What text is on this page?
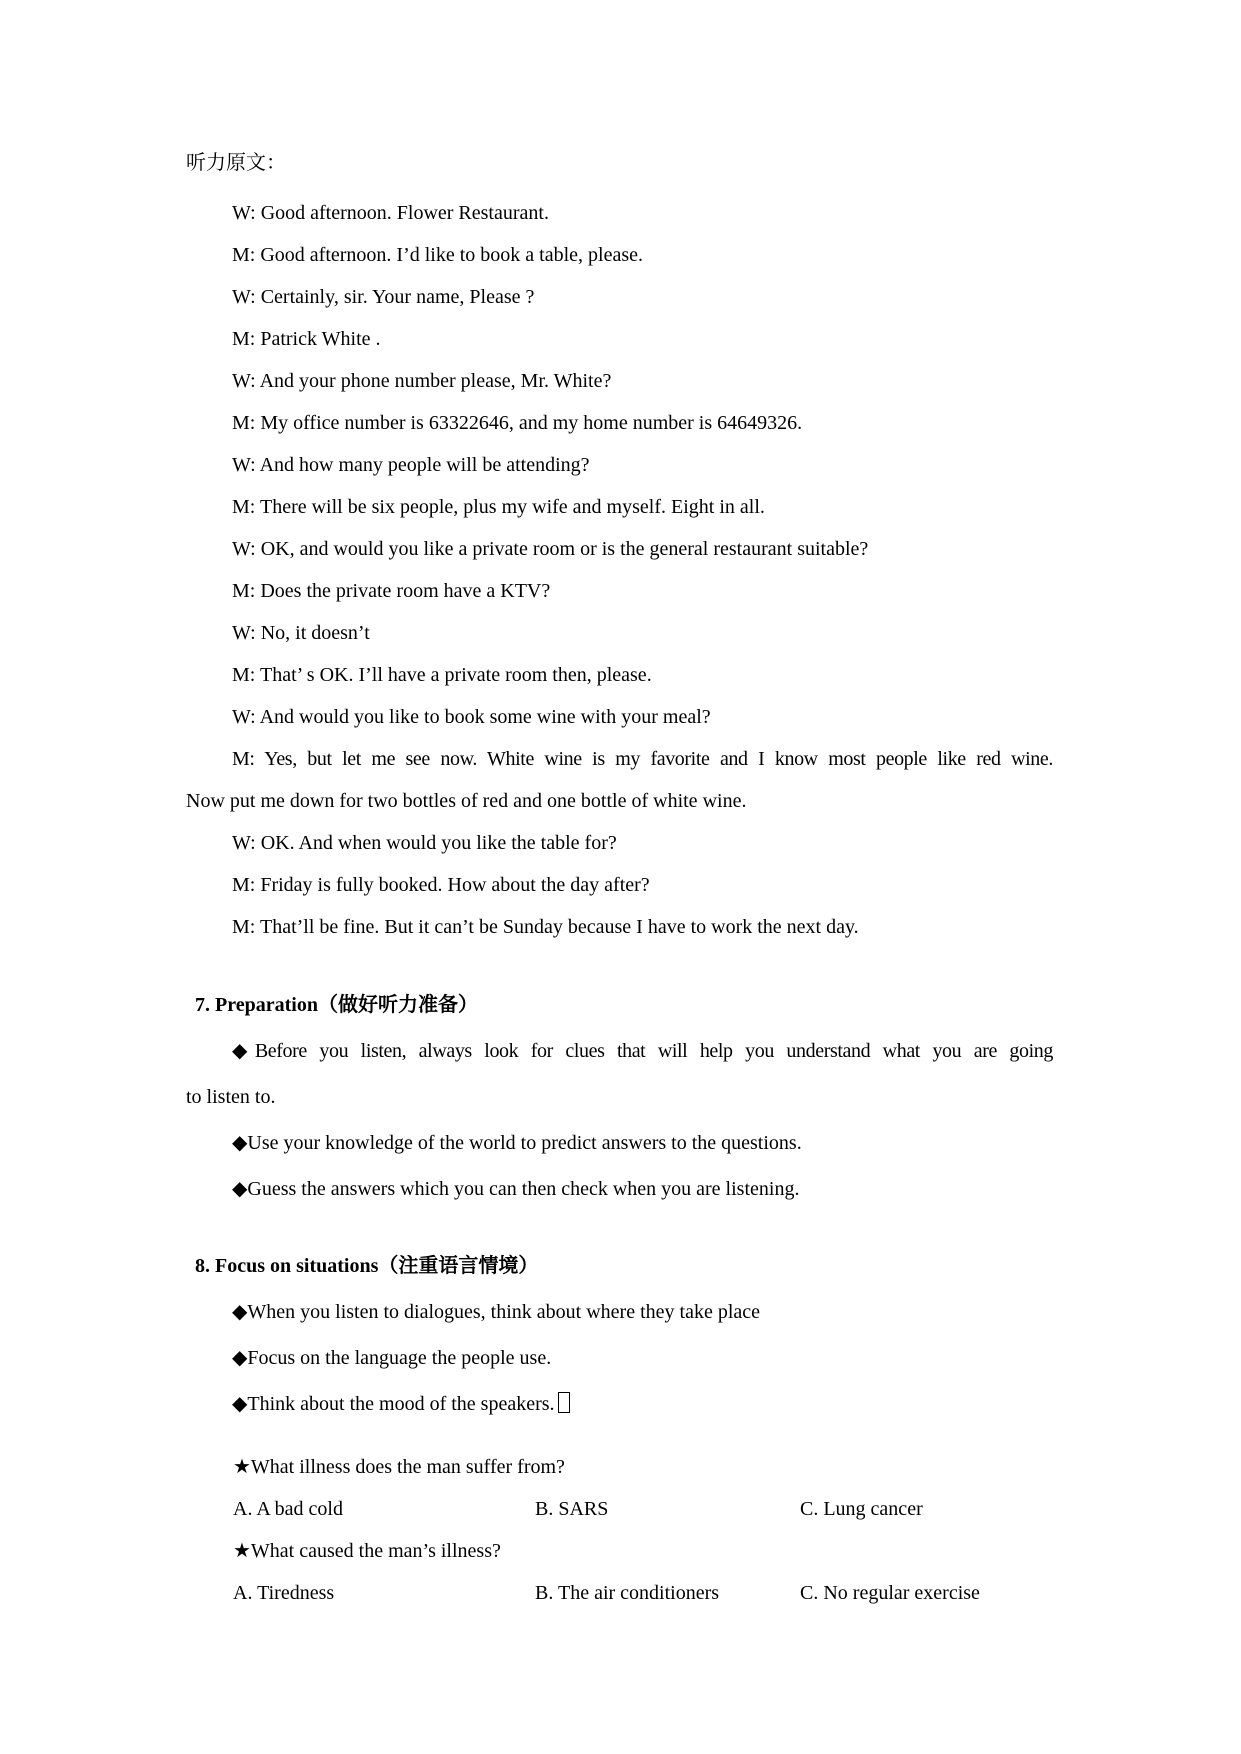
听力原文：

W: Good afternoon. Flower Restaurant.

M: Good afternoon. I’d like to book a table, please.

W: Certainly, sir. Your name, Please ?

M: Patrick White .

W: And your phone number please, Mr. White?

M: My office number is 63322646, and my home number is 64649326.

W: And how many people will be attending?

M: There will be six people, plus my wife and myself. Eight in all.

W: OK, and would you like a private room or is the general restaurant suitable?

M: Does the private room have a KTV?

W: No, it doesn’t

M: That’ s OK. I’ll have a private room then, please.

W: And would you like to book some wine with your meal?

M: Yes, but let me see now. White wine is my favorite and I know most people like red wine.

Now put me down for two bottles of red and one bottle of white wine.

W: OK. And when would you like the table for?

M: Friday is fully booked. How about the day after?

M: That’ll be fine. But it can’t be Sunday because I have to work the next day.

7. Preparation（做好听力准备）

◆Before you listen, always look for clues that will help you understand what you are going

to listen to.

◆Use your knowledge of the world to predict answers to the questions.

◆Guess the answers which you can then check when you are listening.

8. Focus on situations（注重语言情境）

◆When you listen to dialogues, think about where they take place

◆Focus on the language the people use.

◆Think about the mood of the speakers.

★What illness does the man suffer from?

A. A bad cold	B. SARS	C. Lung cancer

★What caused the man’s illness?

A. Tiredness	B. The air conditioners	C. No regular exercise
